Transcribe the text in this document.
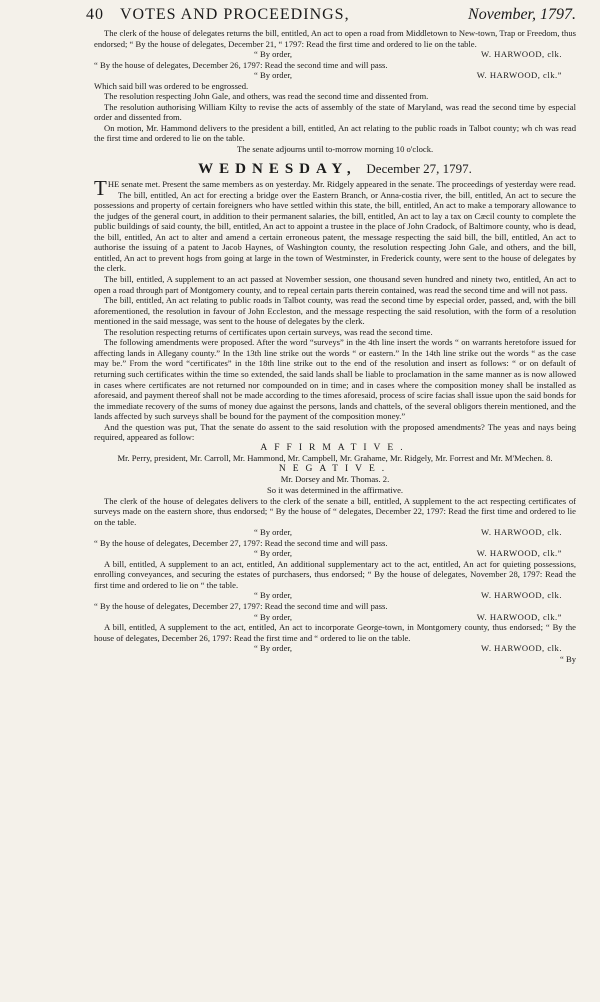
40	VOTES AND PROCEEDINGS,	November, 1797.

The clerk of the house of delegates returns the bill, entitled, An act to open a road from Middletown to New-town, Trap or Freedom, thus endorsed; “ By the house of delegates, December 21, “ 1797: Read the first time and ordered to lie on the table.

“ By order,	W. HARWOOD, clk.

“ By the house of delegates, December 26, 1797: Read the second time and will pass.

“ By order,	W. HARWOOD, clk.”

Which said bill was ordered to be engrossed.

The resolution respecting John Gale, and others, was read the second time and dissented from.

The resolution authorising William Kilty to revise the acts of assembly of the state of Maryland, was read the second time by especial order and dissented from.

On motion, Mr. Hammond delivers to the president a bill, entitled, An act relating to the public roads in Talbot county; wh ch was read the first time and ordered to lie on the table.

The senate adjourns until to-morrow morning 10 o'clock.

WEDNESDAY, December 27, 1797.

THE senate met. Present the same members as on yesterday. Mr. Ridgely appeared in the senate. The proceedings of yesterday were read.

The bill, entitled, An act for erecting a bridge over the Eastern Branch, or Anna-costia river, the bill, entitled, An act to secure the possessions and property of certain foreigners who have settled within this state, the bill, entitled, An act to make a temporary allowance to the judges of the general court, in addition to their permanent salaries, the bill, entitled, An act to lay a tax on Cæcil county to complete the public buildings of said county, the bill, entitled, An act to appoint a trustee in the place of John Cradock, of Baltimore county, who is dead, the bill, entitled, An act to alter and amend a certain erroneous patent, the message respecting the said bill, the bill, entitled, An act to authorise the issuing of a patent to Jacob Haynes, of Washington county, the resolution respecting John Gale, and others, and the bill, entitled, An act to prevent hogs from going at large in the town of Westminster, in Frederick county, were sent to the house of delegates by the clerk.

The bill, entitled, A supplement to an act passed at November session, one thousand seven hundred and ninety two, entitled, An act to open a road through part of Montgomery county, and to repeal certain parts therein contained, was read the second time and will not pass.

The bill, entitled, An act relating to public roads in Talbot county, was read the second time by especial order, passed, and, with the bill aforementioned, the resolution in favour of John Eccleston, and the message respecting the said resolution, with the form of a resolution mentioned in the said message, was sent to the house of delegates by the clerk.

The resolution respecting returns of certificates upon certain surveys, was read the second time.

The following amendments were proposed. After the word “surveys” in the 4th line insert the words “ on warrants heretofore issued for affecting lands in Allegany county.” In the 13th line strike out the words “ or eastern.” In the 14th line strike out the words “ as the case may be.” From the word “certificates” in the 18th line strike out to the end of the resolution and insert as follows: “ or on default of returning such certificates within the time so extended, the said lands shall be liable to proclamation in the same manner as is now allowed in cases where certificates are not returned nor compounded on in time; and in cases where the composition money shall be installed as aforesaid, and payment thereof shall not be made according to the times aforesaid, process of scire facias shall issue upon the said bonds for the immediate recovery of the sums of money due against the persons, lands and chattels, of the several obligors therein mentioned, and the lands affected by such surveys shall be bound for the payment of the composition money.”

And the question was put, That the senate do assent to the said resolution with the proposed amendments? The yeas and nays being required, appeared as follow:

AFFIRMATIVE.

Mr. Perry, president, Mr. Carroll, Mr. Hammond, Mr. Campbell, Mr. Grahame, Mr. Ridgely, Mr. Forrest and Mr. M'Mechen. 8.

NEGATIVE.

Mr. Dorsey and Mr. Thomas. 2.

So it was determined in the affirmative.

The clerk of the house of delegates delivers to the clerk of the senate a bill, entitled, A supplement to the act respecting certificates of surveys made on the eastern shore, thus endorsed; “ By the house of “ delegates, December 22, 1797: Read the first time and ordered to lie on the table.

“ By order,	W. HARWOOD, clk.

“ By the house of delegates, December 27, 1797: Read the second time and will pass.

“ By order,	W. HARWOOD, clk.”

A bill, entitled, A supplement to an act, entitled, An additional supplementary act to the act, entitled, An act for quieting possessions, enrolling conveyances, and securing the estates of purchasers, thus endorsed; “ By the house of delegates, November 28, 1797: Read the first time and ordered to lie on “ the table.

“ By order,	W. HARWOOD, clk.

“ By the house of delegates, December 27, 1797: Read the second time and will pass.

“ By order,	W. HARWOOD, clk.”

A bill, entitled, A supplement to the act, entitled, An act to incorporate George-town, in Montgomery county, thus endorsed; “ By the house of delegates, December 26, 1797: Read the first time and “ ordered to lie on the table.

“ By order,	W. HARWOOD, clk.
“ By
